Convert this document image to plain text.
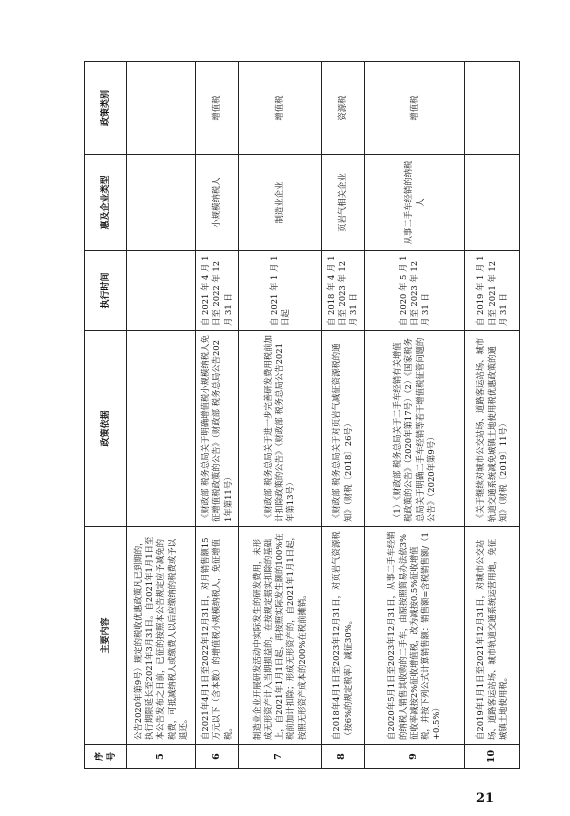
序号	主要内容	政策依据	执行时间	惠及企业类型	政策类别
5	公告2020年第9号）规定的税收优惠政策凡已到期的，执行期限延长至2021年3月31日。自2021年1月1日至本公告发布之日前，已征的按照本公告规定应予减免的税费，可抵减纳税人或缴费人以后应缴纳的税费或予以退还。				
6	自2021年4月1日至2022年12月31日，对月销售额15万元以下（含本数）的增值税小规模纳税人，免征增值税。	《财政部 税务总局关于明确增值税小规模纳税人免征增值税政策的公告》（财政部 税务总局公告2021年第11号）	自 2021 年 4 月 1 日至 2022 年 12 月 31 日	小规模纳税人	增值税
7	制造业企业开展研发活动中实际发生的研发费用，未形成无形资产计入当期损益的，在按规定据实扣除的基础上，自2021年1月1日起，再按照实际发生额的100%在税前加计扣除；形成无形资产的，自2021年1月1日起，按照无形资产成本的200%在税前摊销。	《财政部 税务总局关于进一步完善研发费用税前加计扣除政策的公告》（财政部 税务总局公告2021年第13号）	自 2021 年 1 月 1 日起	制造业企业	增值税
8	自2018年4月1日至2023年12月31日，对页岩气资源税（按6%的规定税率）减征30%。	《财政部 税务总局关于对页岩气减征资源税的通知》（财税〔2018〕26号）	自 2018 年 4 月 1 日至 2023 年 12 月 31 日	页岩气相关企业	资源税
9	自2020年5月1日至2023年12月31日，从事二手车经销的纳税人销售其收购的二手车，由原按照简易办法依3%征收率减按2%征收增值税，改为减按0.5%征收增值税，并按下列公式计算销售额：销售额=含税销售额/（1+0.5%）	（1）《财政部 税务总局关于二手车经销有关增值税政策的公告》（2020年第17号）（2）《国家税务总局关于明确二手车经销等若干增值税征管问题的公告》（2020年第9号）	自 2020 年 5 月 1 日至 2023 年 12 月 31 日	从事二手车经销的纳税人	增值税
10	自2019年1月1日至2021年12月31日，对城市公交站场、道路客运站场、城市轨道交通系统运营用地，免征城镇土地使用税。	《关于继续对城市公交站场、道路客运站场、城市轨道交通系统减免城镇土地使用税优惠政策的通知》（财税〔2019〕11号）	自 2019 年 1 月 1 日至 2021 年 12 月 31 日		
21
